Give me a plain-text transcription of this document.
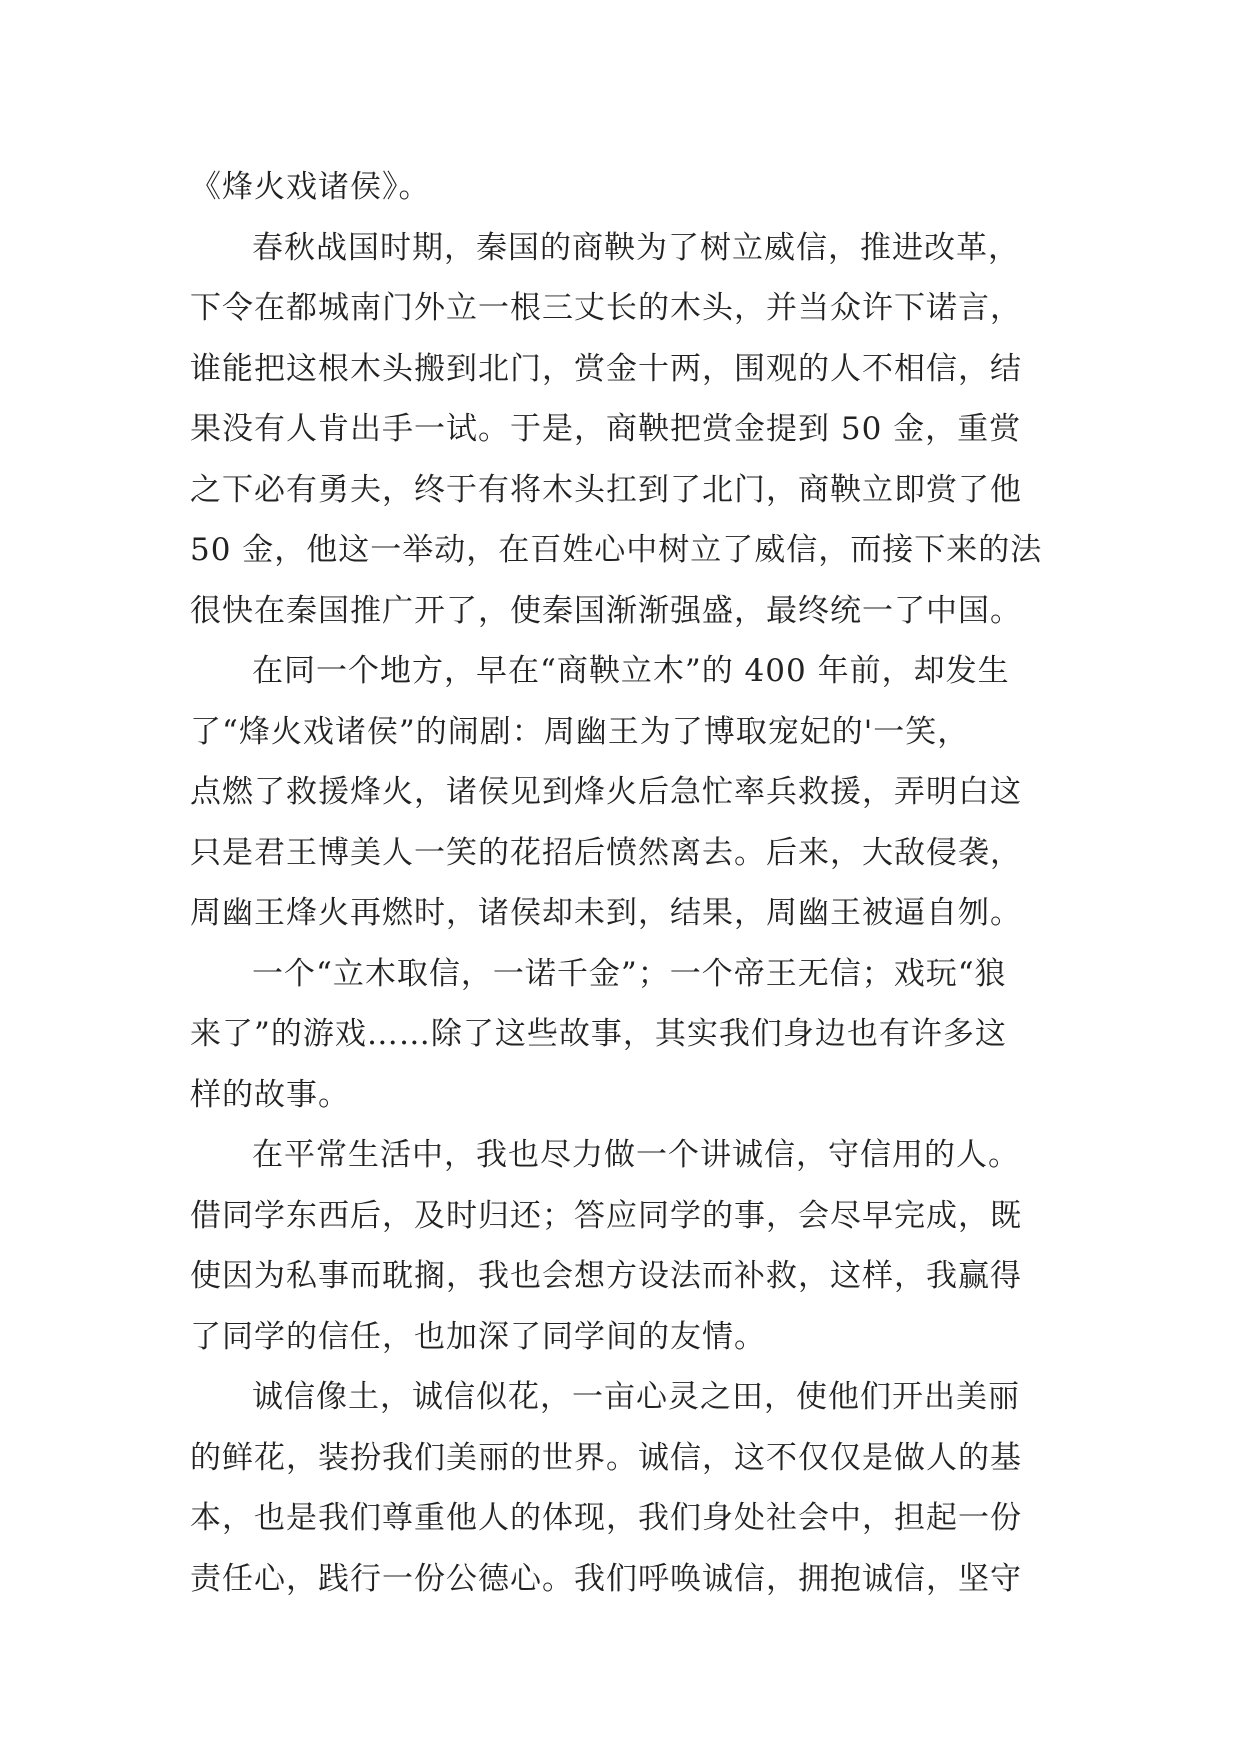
《烽火戏诸侯》。
春秋战国时期，秦国的商鞅为了树立威信，推进改革，
下令在都城南门外立一根三丈长的木头，并当众许下诺言，
谁能把这根木头搬到北门，赏金十两，围观的人不相信，结
果没有人肯出手一试。于是，商鞅把赏金提到 50 金，重赏
之下必有勇夫，终于有将木头扛到了北门，商鞅立即赏了他
50 金，他这一举动，在百姓心中树立了威信，而接下来的法
很快在秦国推广开了，使秦国渐渐强盛，最终统一了中国。
在同一个地方，早在“商鞅立木”的 400 年前，却发生
了“烽火戏诸侯”的闹剧：周幽王为了博取宠妃的'一笑，
点燃了救援烽火，诸侯见到烽火后急忙率兵救援，弄明白这
只是君王博美人一笑的花招后愤然离去。后来，大敌侵袭，
周幽王烽火再燃时，诸侯却未到，结果，周幽王被逼自刎。
一个“立木取信，一诺千金”；一个帝王无信；戏玩“狼
来了”的游戏……除了这些故事，其实我们身边也有许多这
样的故事。
在平常生活中，我也尽力做一个讲诚信，守信用的人。
借同学东西后，及时归还；答应同学的事，会尽早完成，既
使因为私事而耽搁，我也会想方设法而补救，这样，我赢得
了同学的信任，也加深了同学间的友情。
诚信像土，诚信似花，一亩心灵之田，使他们开出美丽
的鲜花，装扮我们美丽的世界。诚信，这不仅仅是做人的基
本，也是我们尊重他人的体现，我们身处社会中，担起一份
责任心，践行一份公德心。我们呼唤诚信，拥抱诚信，坚守
